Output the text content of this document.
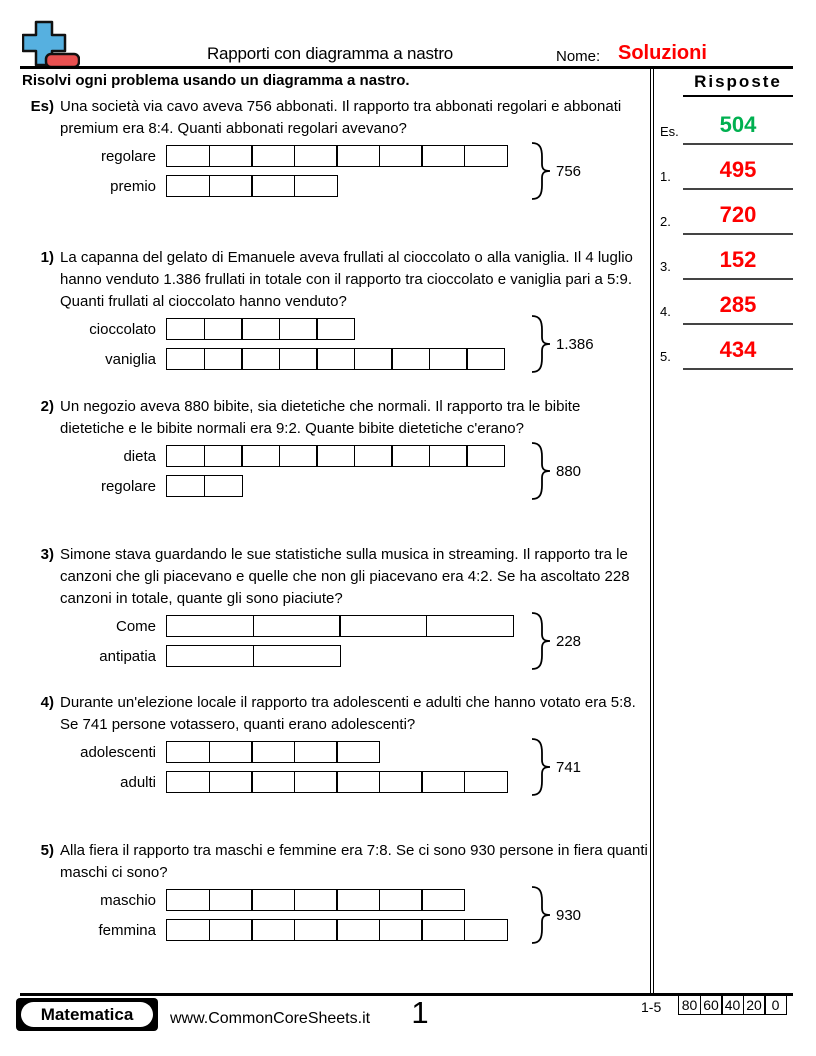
Rapporti con diagramma a nastro	Nome: Soluzioni
Risolvi ogni problema usando un diagramma a nastro.
Es) Una società via cavo aveva 756 abbonati. Il rapporto tra abbonati regolari e abbonati premium era 8:4. Quanti abbonati regolari avevano?
regolare
premio
756
1) La capanna del gelato di Emanuele aveva frullati al cioccolato o alla vaniglia. Il 4 luglio hanno venduto 1.386 frullati in totale con il rapporto tra cioccolato e vaniglia pari a 5:9. Quanti frullati al cioccolato hanno venduto?
cioccolato
vaniglia
1.386
2) Un negozio aveva 880 bibite, sia dietetiche che normali. Il rapporto tra le bibite dietetiche e le bibite normali era 9:2. Quante bibite dietetiche c'erano?
dieta
regolare
880
3) Simone stava guardando le sue statistiche sulla musica in streaming. Il rapporto tra le canzoni che gli piacevano e quelle che non gli piacevano era 4:2. Se ha ascoltato 228 canzoni in totale, quante gli sono piaciute?
Come
antipatia
228
4) Durante un'elezione locale il rapporto tra adolescenti e adulti che hanno votato era 5:8. Se 741 persone votassero, quanti erano adolescenti?
adolescenti
adulti
741
5) Alla fiera il rapporto tra maschi e femmine era 7:8. Se ci sono 930 persone in fiera quanti maschi ci sono?
maschio
femmina
930
Risposte
Es.	504
1.	495
2.	720
3.	152
4.	285
5.	434
Matematica	www.CommonCoreSheets.it	1	1-5 80 60 40 20 0
